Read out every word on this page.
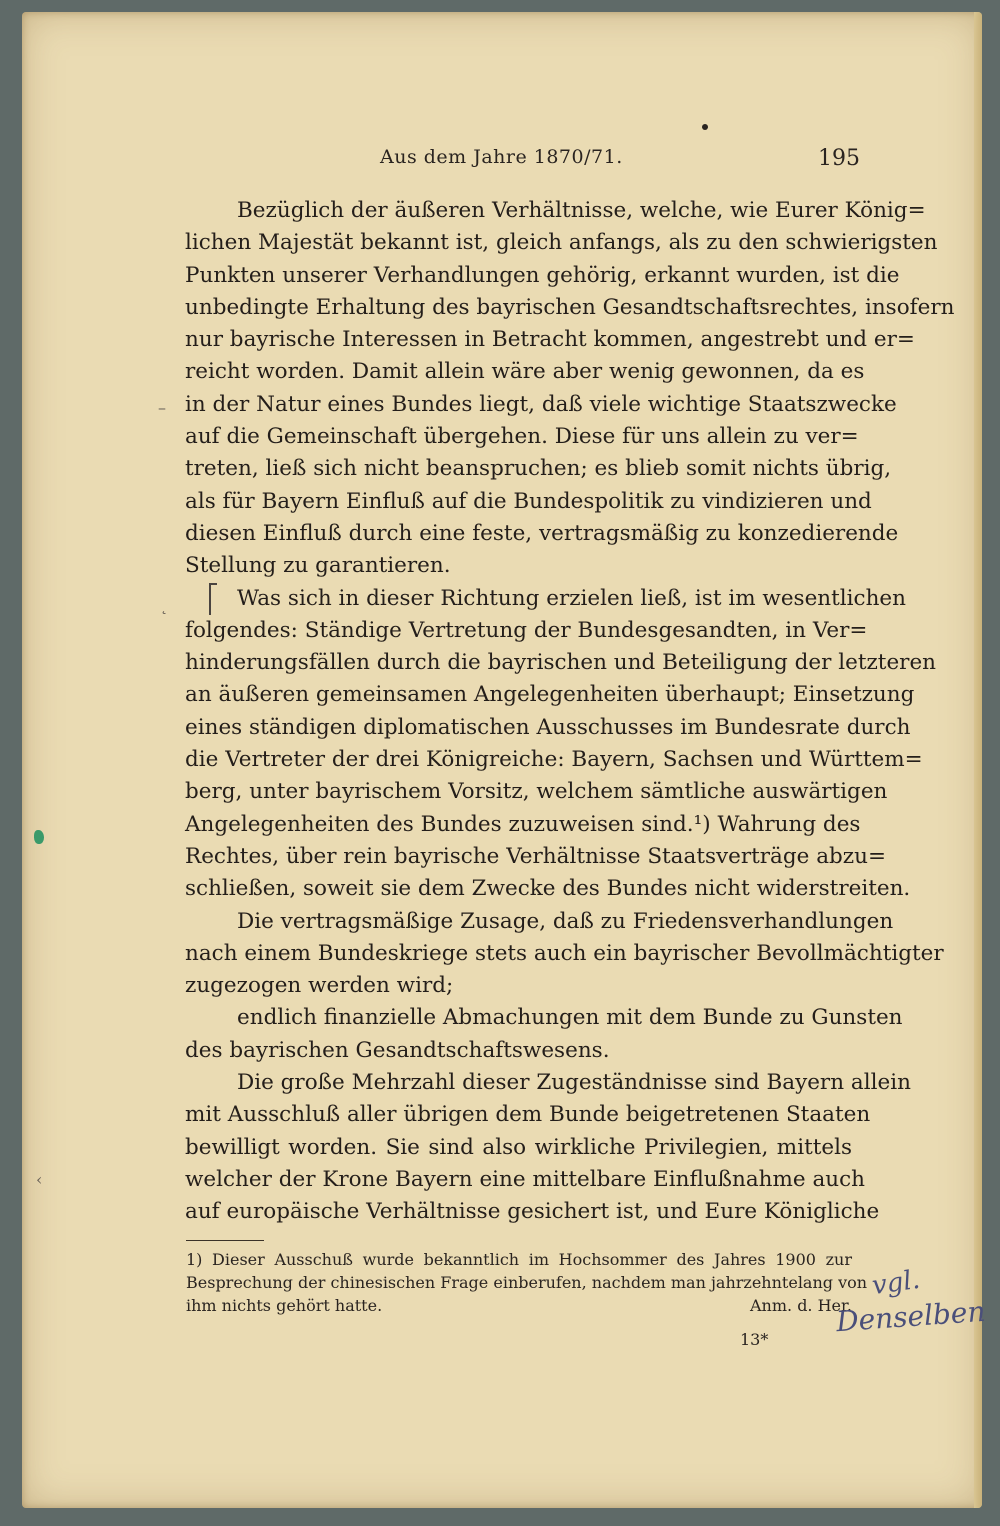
Aus dem Jahre 1870/71.	195
Bezüglich der äußeren Verhältnisse, welche, wie Eurer König=
lichen Majestät bekannt ist, gleich anfangs, als zu den schwierigsten
Punkten unserer Verhandlungen gehörig, erkannt wurden, ist die
unbedingte Erhaltung des bayrischen Gesandtschaftsrechtes, insofern
nur bayrische Interessen in Betracht kommen, angestrebt und er=
reicht worden. Damit allein wäre aber wenig gewonnen, da es
in der Natur eines Bundes liegt, daß viele wichtige Staatszwecke
auf die Gemeinschaft übergehen. Diese für uns allein zu ver=
treten, ließ sich nicht beanspruchen; es blieb somit nichts übrig,
als für Bayern Einfluß auf die Bundespolitik zu vindizieren und
diesen Einfluß durch eine feste, vertragsmäßig zu konzedierende
Stellung zu garantieren.
Was sich in dieser Richtung erzielen ließ, ist im wesentlichen
folgendes: Ständige Vertretung der Bundesgesandten, in Ver=
hinderungsfällen durch die bayrischen und Beteiligung der letzteren
an äußeren gemeinsamen Angelegenheiten überhaupt; Einsetzung
eines ständigen diplomatischen Ausschusses im Bundesrate durch
die Vertreter der drei Königreiche: Bayern, Sachsen und Württem=
berg, unter bayrischem Vorsitz, welchem sämtliche auswärtigen
Angelegenheiten des Bundes zuzuweisen sind.¹) Wahrung des
Rechtes, über rein bayrische Verhältnisse Staatsverträge abzu=
schließen, soweit sie dem Zwecke des Bundes nicht widerstreiten.
Die vertragsmäßige Zusage, daß zu Friedensverhandlungen
nach einem Bundeskriege stets auch ein bayrischer Bevollmächtigter
zugezogen werden wird;
endlich finanzielle Abmachungen mit dem Bunde zu Gunsten
des bayrischen Gesandtschaftswesens.
Die große Mehrzahl dieser Zugeständnisse sind Bayern allein
mit Ausschluß aller übrigen dem Bunde beigetretenen Staaten
bewilligt worden. Sie sind also wirkliche Privilegien, mittels
welcher der Krone Bayern eine mittelbare Einflußnahme auch
auf europäische Verhältnisse gesichert ist, und Eure Königliche
–
˛
‹
1) Dieser Ausschuß wurde bekanntlich im Hochsommer des Jahres 1900 zur
Besprechung der chinesischen Frage einberufen, nachdem man jahrzehntelang von
ihm nichts gehört hatte.	Anm. d. Her.
13*
vgl.
Denselben
